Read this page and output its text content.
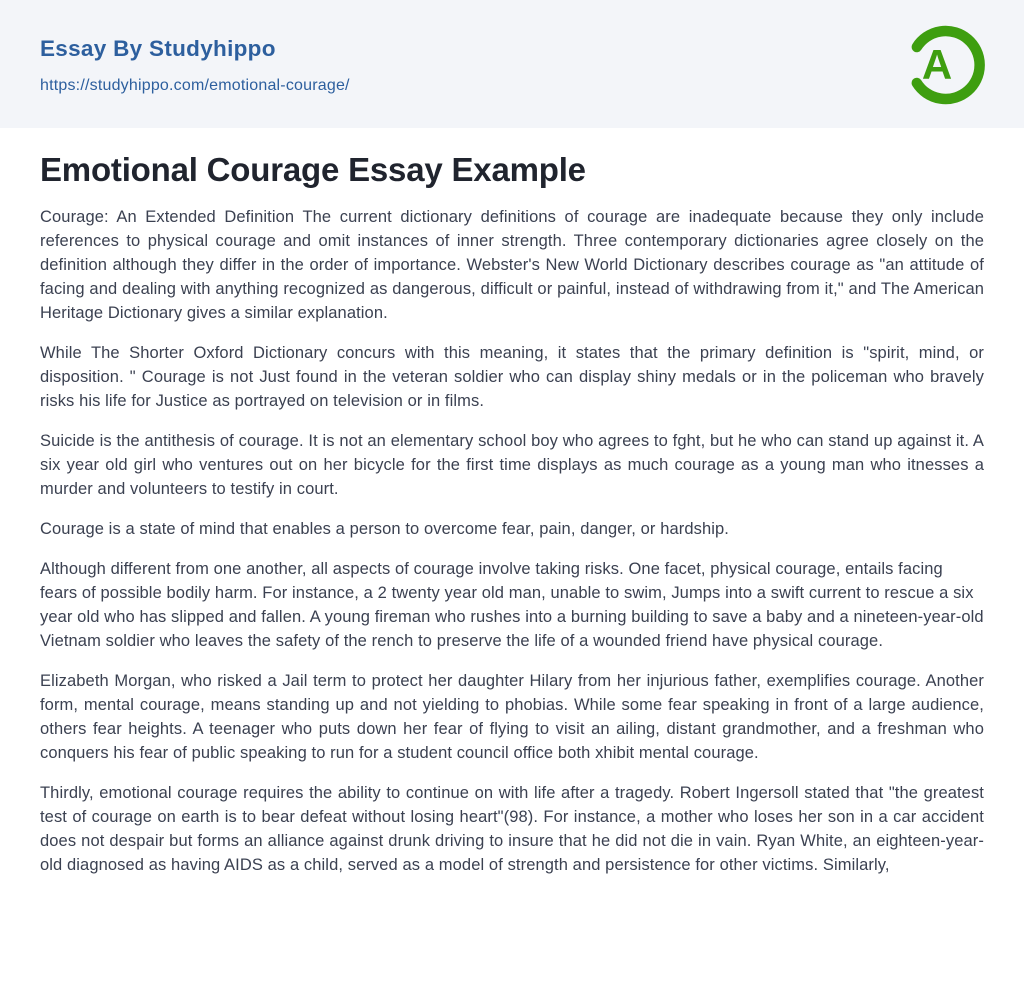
Essay By Studyhippo
https://studyhippo.com/emotional-courage/	A
Emotional Courage Essay Example

Courage: An Extended Definition The current dictionary definitions of courage are inadequate because they only include references to physical courage and omit instances of inner strength. Three contemporary dictionaries agree closely on the definition although they differ in the order of importance. Webster's New World Dictionary describes courage as "an attitude of facing and dealing with anything recognized as dangerous, difficult or painful, instead of withdrawing from it," and The American Heritage Dictionary gives a similar explanation.

While The Shorter Oxford Dictionary concurs with this meaning, it states that the primary definition is "spirit, mind, or disposition. " Courage is not Just found in the veteran soldier who can display shiny medals or in the policeman who bravely risks his life for Justice as portrayed on television or in films.

Suicide is the antithesis of courage. It is not an elementary school boy who agrees to fght, but he who can stand up against it. A six year old girl who ventures out on her bicycle for the first time displays as much courage as a young man who itnesses a murder and volunteers to testify in court.

Courage is a state of mind that enables a person to overcome fear, pain, danger, or hardship.

Although different from one another, all aspects of courage involve taking risks. One facet, physical courage, entails facing fears of possible bodily harm. For instance, a 2 twenty year old man, unable to swim, Jumps into a swift current to rescue a six year old who has slipped and fallen. A young fireman who rushes into a burning building to save a baby and a nineteen-year-old Vietnam soldier who leaves the safety of the rench to preserve the life of a wounded friend have physical courage.

Elizabeth Morgan, who risked a Jail term to protect her daughter Hilary from her injurious father, exemplifies courage. Another form, mental courage, means standing up and not yielding to phobias. While some fear speaking in front of a large audience, others fear heights. A teenager who puts down her fear of flying to visit an ailing, distant grandmother, and a freshman who conquers his fear of public speaking to run for a student council office both xhibit mental courage.

Thirdly, emotional courage requires the ability to continue on with life after a tragedy. Robert Ingersoll stated that "the greatest test of courage on earth is to bear defeat without losing heart"(98). For instance, a mother who loses her son in a car accident does not despair but forms an alliance against drunk driving to insure that he did not die in vain. Ryan White, an eighteen-year-old diagnosed as having AIDS as a child, served as a model of strength and persistence for other victims. Similarly,
